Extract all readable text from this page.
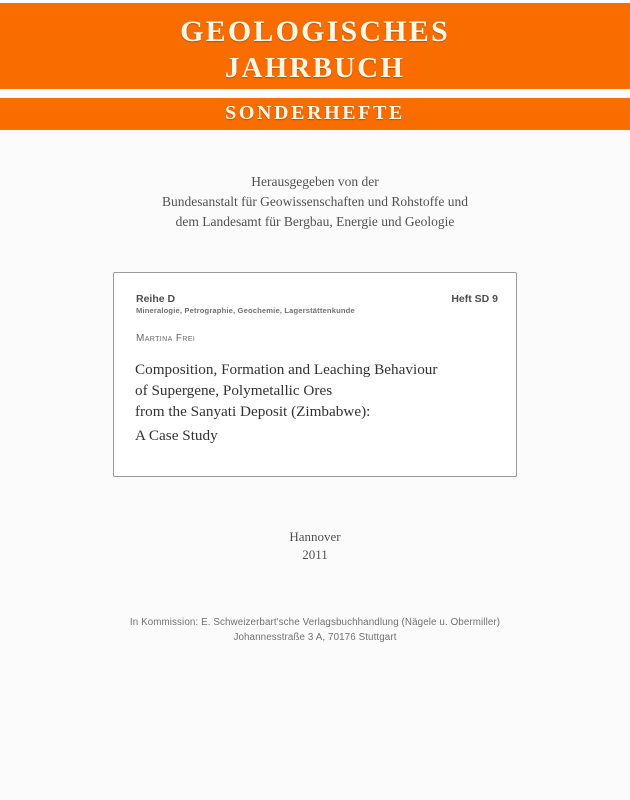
GEOLOGISCHES
JAHRBUCH
SONDERHEFTE
Herausgegeben von der
Bundesanstalt für Geowissenschaften und Rohstoffe und
dem Landesamt für Bergbau, Energie und Geologie
Reihe D	Heft SD 9
Mineralogie, Petrographie, Geochemie, Lagerstättenkunde
Martina Frei
Composition, Formation and Leaching Behaviour
of Supergene, Polymetallic Ores
from the Sanyati Deposit (Zimbabwe):
A Case Study
Hannover
2011
In Kommission: E. Schweizerbart'sche Verlagsbuchhandlung (Nägele u. Obermiller)
Johannesstraße 3 A, 70176 Stuttgart
